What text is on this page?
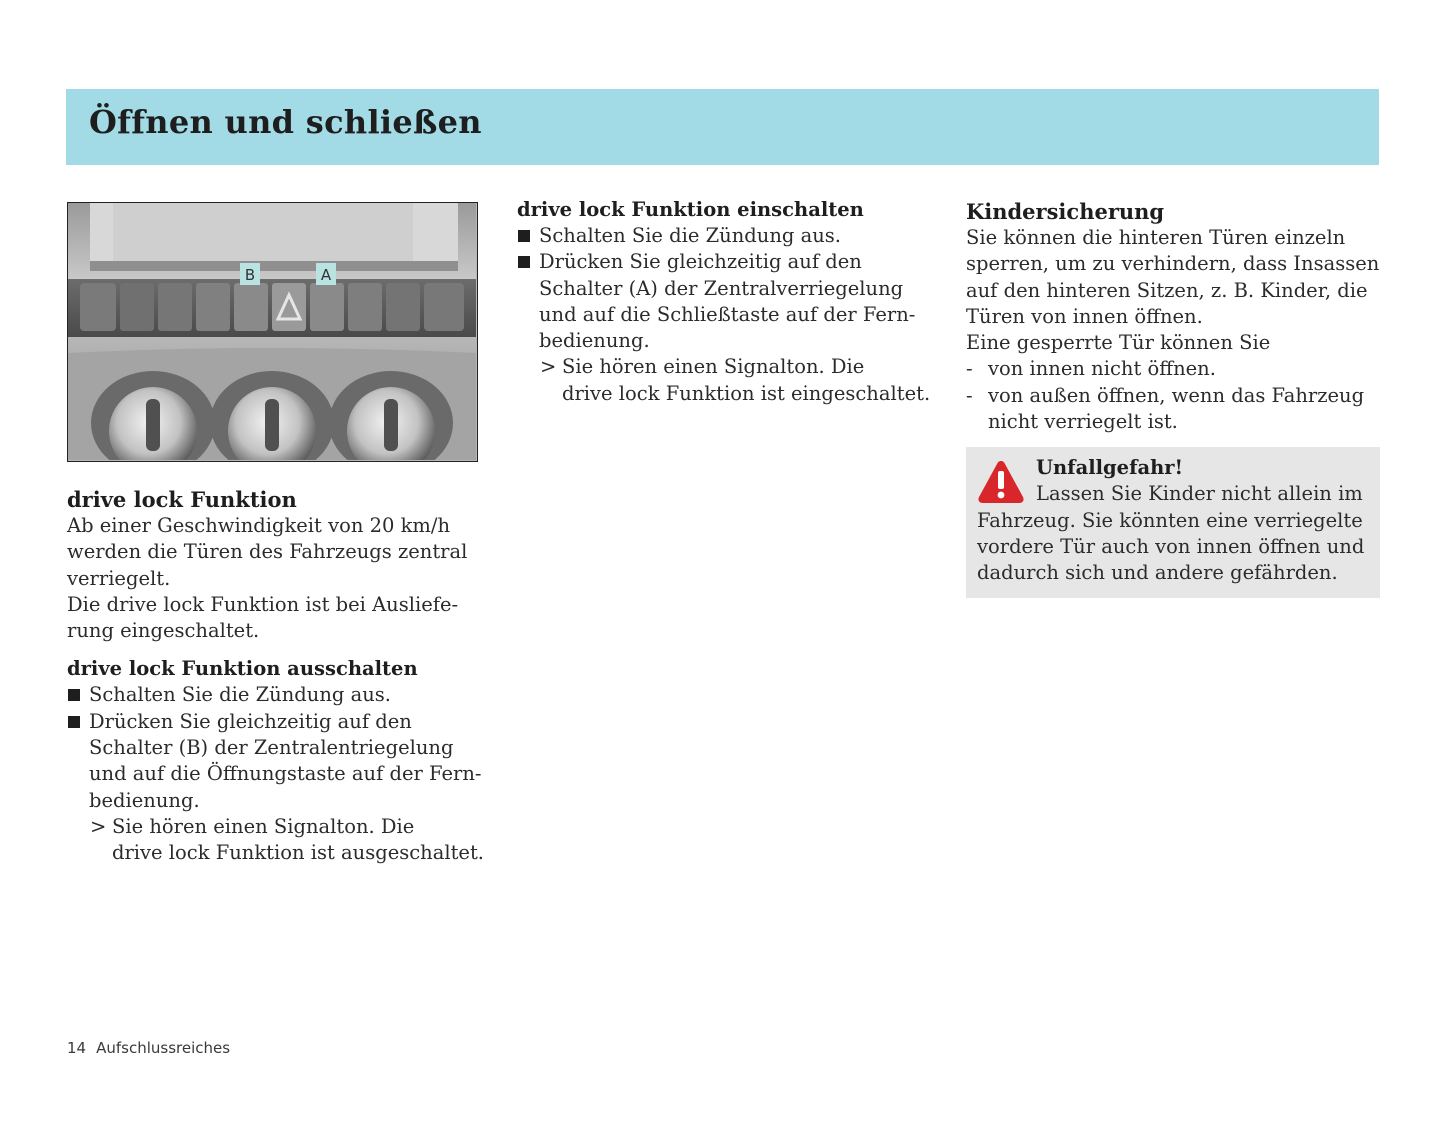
Öffnen und schließen
B	A
drive lock Funktion

Ab einer Geschwindigkeit von 20 km/h

werden die Türen des Fahrzeugs zentral

verriegelt.

Die drive lock Funktion ist bei Ausliefe-

rung eingeschaltet.

drive lock Funktion ausschalten
Schalten Sie die Zündung aus.
Drücken Sie gleichzeitig auf den
Schalter (B) der Zentralentriegelung
und auf die Öffnungstaste auf der Fern-
bedienung.
> Sie hören einen Signalton. Die
drive lock Funktion ist ausgeschaltet.
drive lock Funktion einschalten
Schalten Sie die Zündung aus.
Drücken Sie gleichzeitig auf den
Schalter (A) der Zentralverriegelung
und auf die Schließtaste auf der Fern-
bedienung.
> Sie hören einen Signalton. Die
drive lock Funktion ist eingeschaltet.
Kindersicherung

Sie können die hinteren Türen einzeln

sperren, um zu verhindern, dass Insassen

auf den hinteren Sitzen, z. B. Kinder, die

Türen von innen öffnen.

Eine gesperrte Tür können Sie

- von innen nicht öffnen.
- von außen öffnen, wenn das Fahrzeug
nicht verriegelt ist.
Unfallgefahr!
Lassen Sie Kinder nicht allein im
Fahrzeug. Sie könnten eine verriegelte
vordere Tür auch von innen öffnen und
dadurch sich und andere gefährden.
14 Aufschlussreiches
